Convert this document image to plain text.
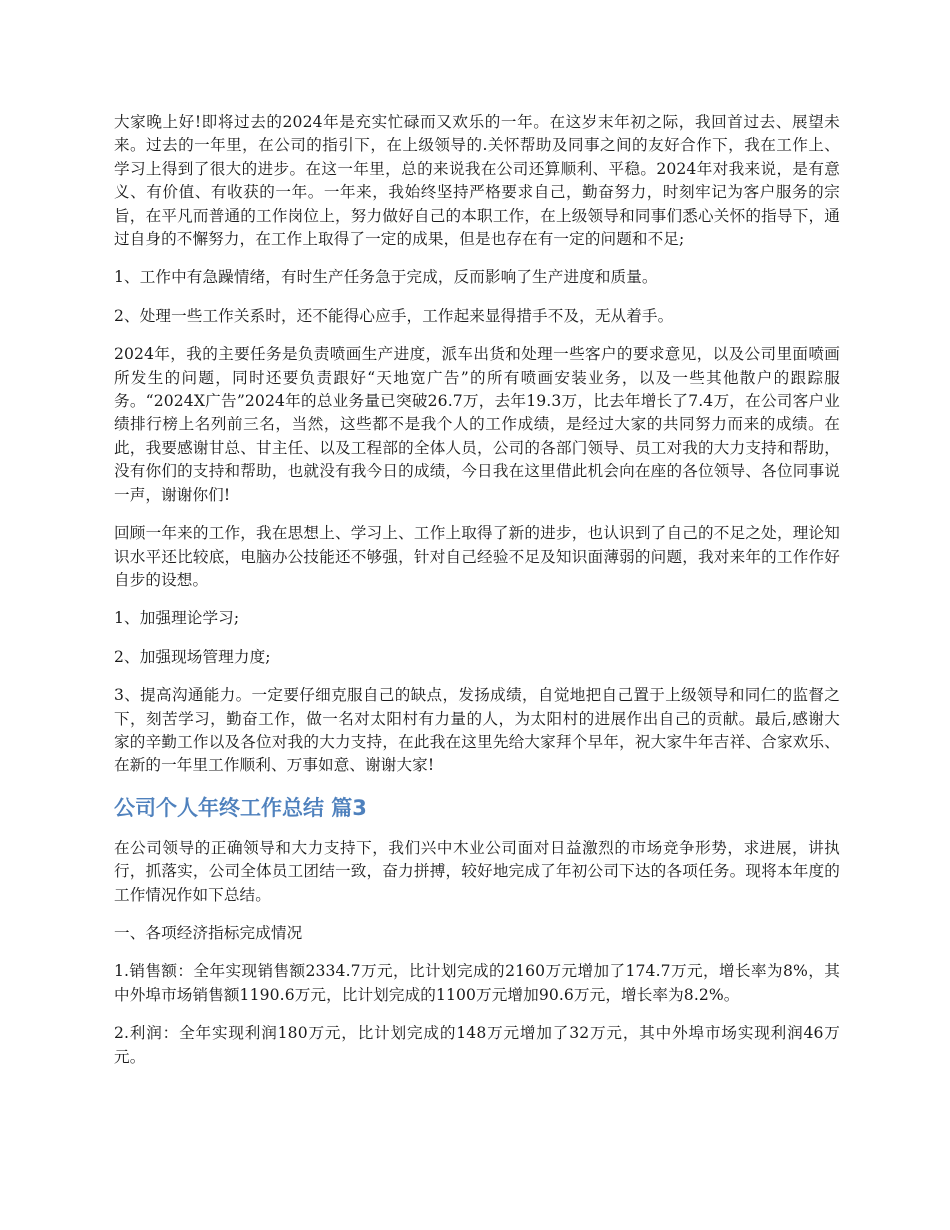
大家晚上好!即将过去的2024年是充实忙碌而又欢乐的一年。在这岁末年初之际，我回首过去、展望未来。过去的一年里，在公司的指引下，在上级领导的.关怀帮助及同事之间的友好合作下，我在工作上、学习上得到了很大的进步。在这一年里，总的来说我在公司还算顺利、平稳。2024年对我来说，是有意义、有价值、有收获的一年。一年来，我始终坚持严格要求自己，勤奋努力，时刻牢记为客户服务的宗旨，在平凡而普通的工作岗位上，努力做好自己的本职工作，在上级领导和同事们悉心关怀的指导下，通过自身的不懈努力，在工作上取得了一定的成果，但是也存在有一定的问题和不足;

1、工作中有急躁情绪，有时生产任务急于完成，反而影响了生产进度和质量。

2、处理一些工作关系时，还不能得心应手，工作起来显得措手不及，无从着手。

2024年，我的主要任务是负责喷画生产进度，派车出货和处理一些客户的要求意见，以及公司里面喷画所发生的问题，同时还要负责跟好“天地宽广告”的所有喷画安装业务，以及一些其他散户的跟踪服务。“2024X广告”2024年的总业务量已突破26.7万，去年19.3万，比去年增长了7.4万，在公司客户业绩排行榜上名列前三名，当然，这些都不是我个人的工作成绩，是经过大家的共同努力而来的成绩。在此，我要感谢甘总、甘主任、以及工程部的全体人员，公司的各部门领导、员工对我的大力支持和帮助，没有你们的支持和帮助，也就没有我今日的成绩，今日我在这里借此机会向在座的各位领导、各位同事说一声，谢谢你们!

回顾一年来的工作，我在思想上、学习上、工作上取得了新的进步，也认识到了自己的不足之处，理论知识水平还比较底，电脑办公技能还不够强，针对自己经验不足及知识面薄弱的问题，我对来年的工作作好自步的设想。

1、加强理论学习;

2、加强现场管理力度;

3、提高沟通能力。一定要仔细克服自己的缺点，发扬成绩，自觉地把自己置于上级领导和同仁的监督之下，刻苦学习，勤奋工作，做一名对太阳村有力量的人，为太阳村的进展作出自己的贡献。最后,感谢大家的辛勤工作以及各位对我的大力支持，在此我在这里先给大家拜个早年，祝大家牛年吉祥、合家欢乐、在新的一年里工作顺利、万事如意、谢谢大家!

公司个人年终工作总结 篇3

在公司领导的正确领导和大力支持下，我们兴中木业公司面对日益激烈的市场竞争形势，求进展，讲执行，抓落实，公司全体员工团结一致，奋力拼搏，较好地完成了年初公司下达的各项任务。现将本年度的工作情况作如下总结。

一、各项经济指标完成情况

1.销售额：全年实现销售额2334.7万元，比计划完成的2160万元增加了174.7万元，增长率为8%，其中外埠市场销售额1190.6万元，比计划完成的1100万元增加90.6万元，增长率为8.2%。

2.利润：全年实现利润180万元，比计划完成的148万元增加了32万元，其中外埠市场实现利润46万元。
